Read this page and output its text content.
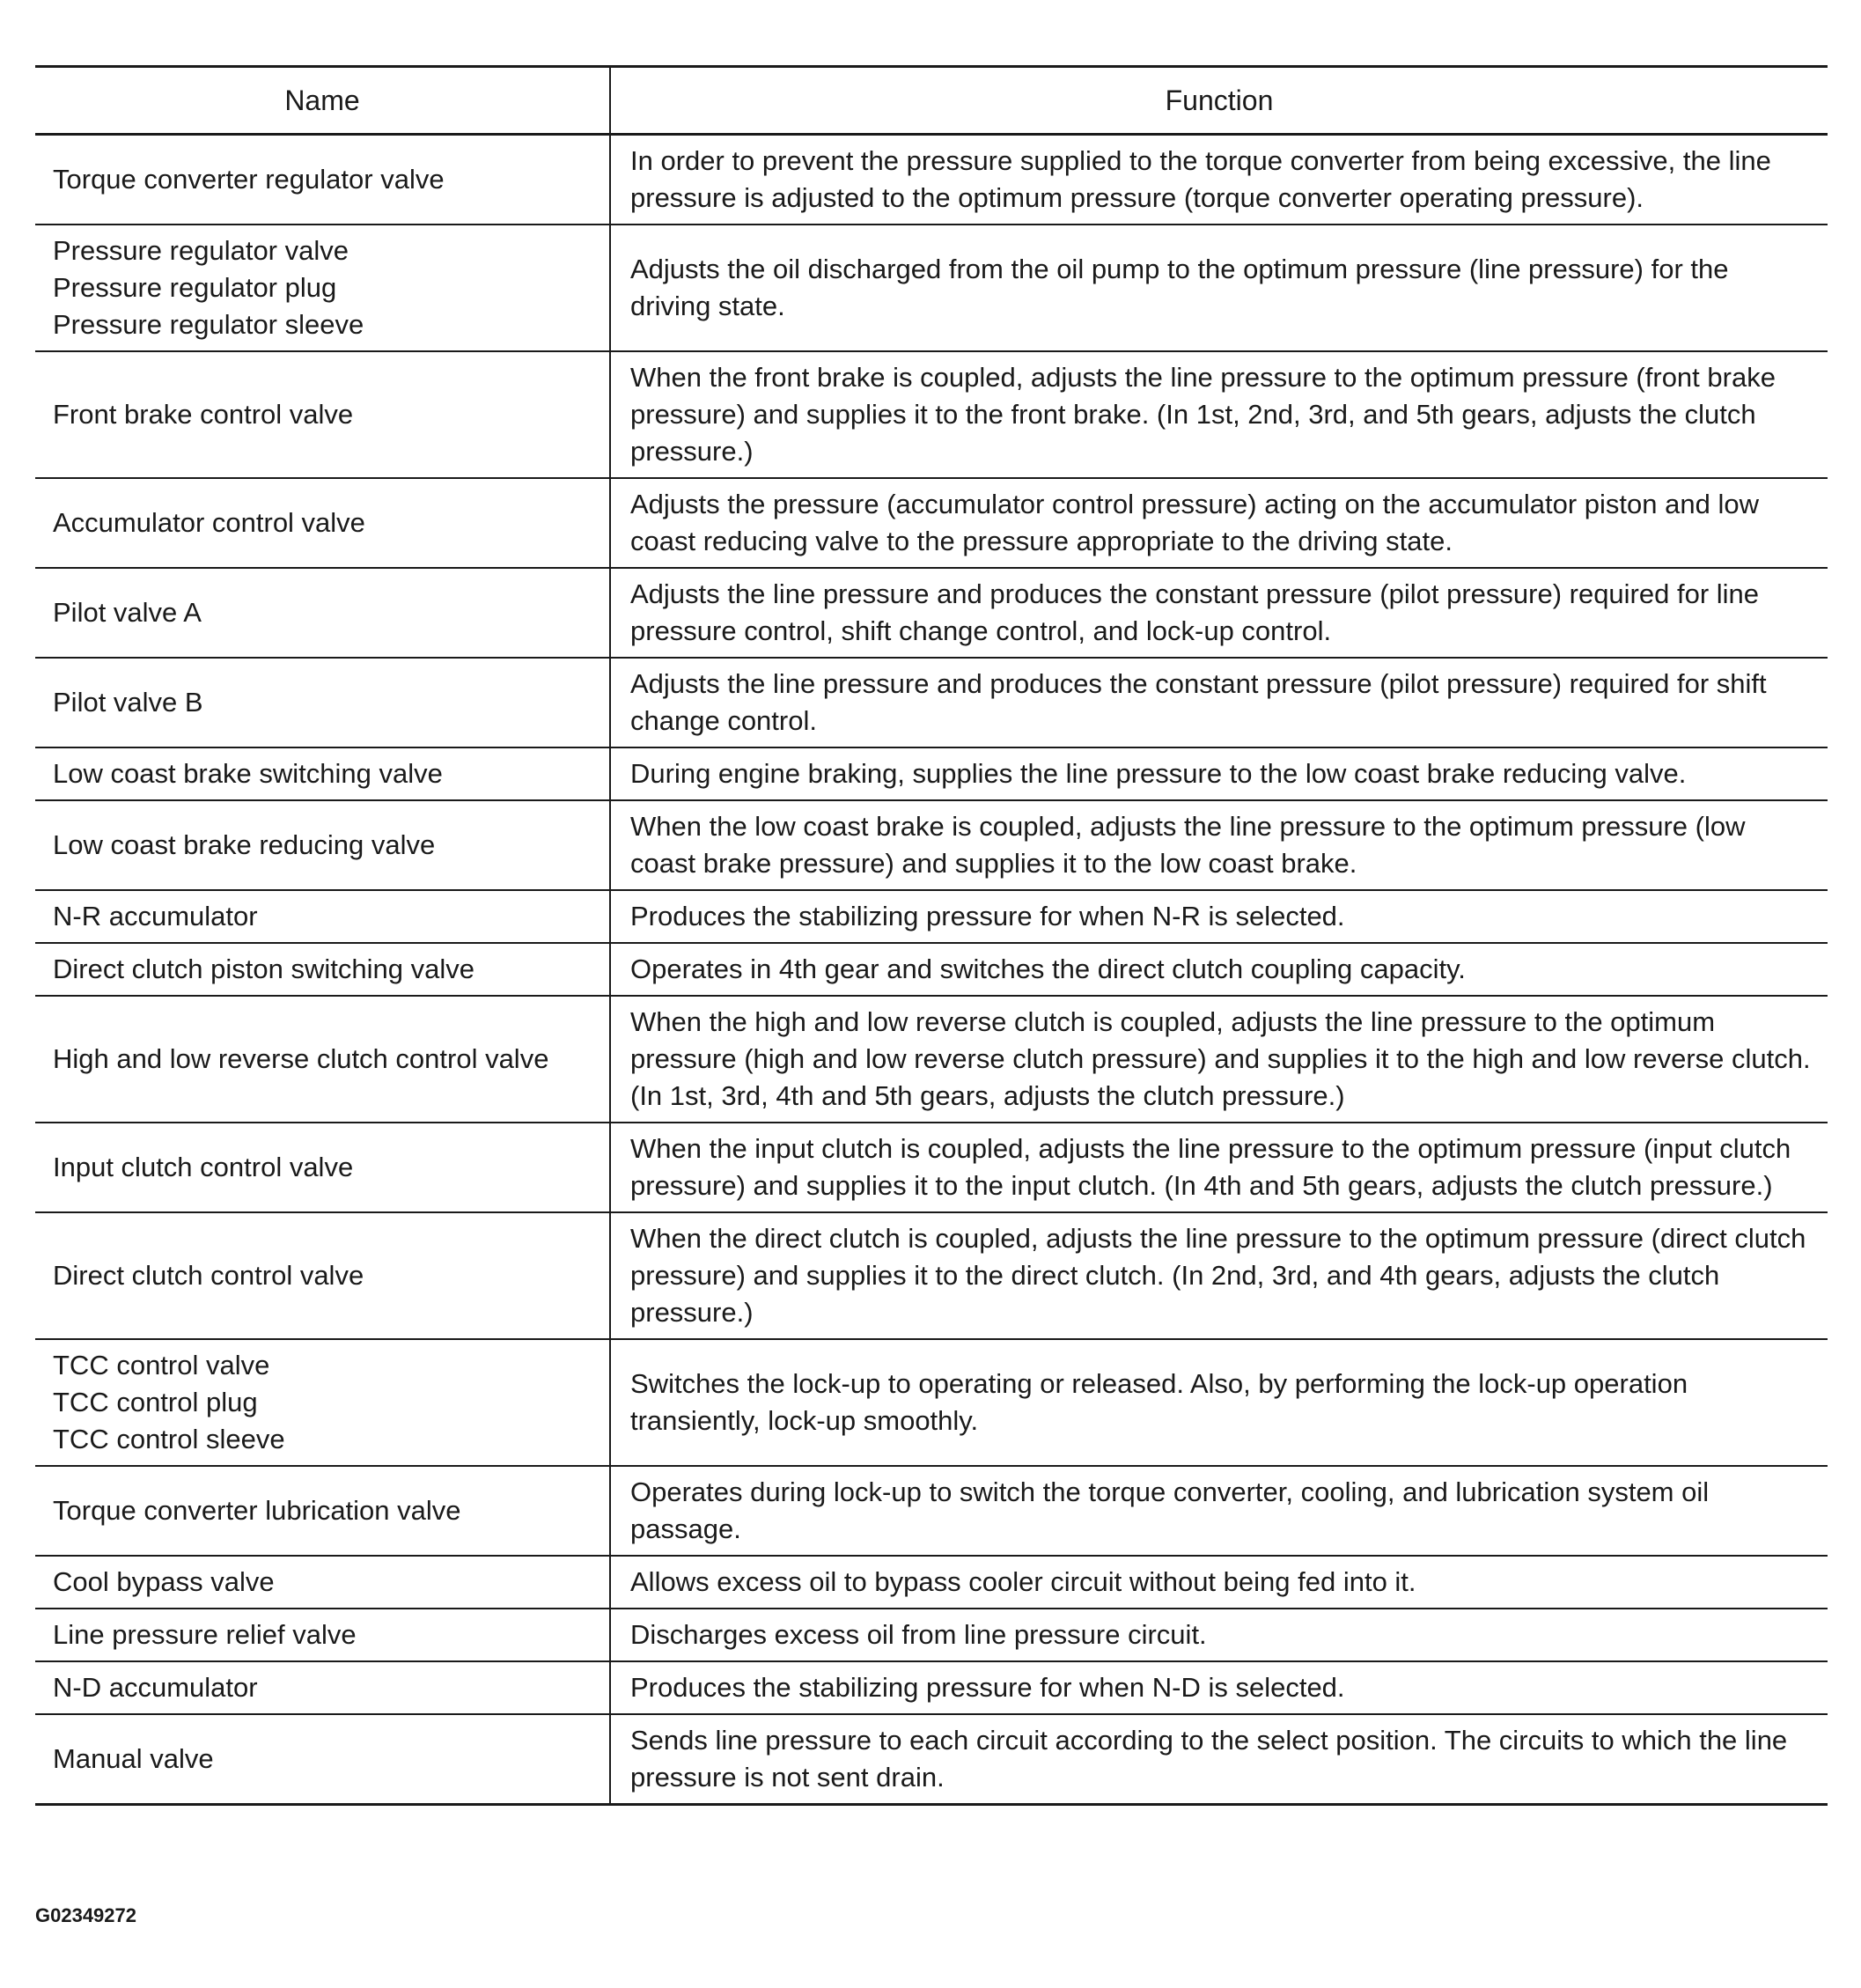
Name	Function
Torque converter regulator valve	In order to prevent the pressure supplied to the torque converter from being excessive, the line pressure is adjusted to the optimum pressure (torque converter operating pressure).
Pressure regulator valve
Pressure regulator plug
Pressure regulator sleeve	Adjusts the oil discharged from the oil pump to the optimum pressure (line pressure) for the driving state.
Front brake control valve	When the front brake is coupled, adjusts the line pressure to the optimum pressure (front brake pressure) and supplies it to the front brake. (In 1st, 2nd, 3rd, and 5th gears, adjusts the clutch pressure.)
Accumulator control valve	Adjusts the pressure (accumulator control pressure) acting on the accumulator piston and low coast reducing valve to the pressure appropriate to the driving state.
Pilot valve A	Adjusts the line pressure and produces the constant pressure (pilot pressure) required for line pressure control, shift change control, and lock-up control.
Pilot valve B	Adjusts the line pressure and produces the constant pressure (pilot pressure) required for shift change control.
Low coast brake switching valve	During engine braking, supplies the line pressure to the low coast brake reducing valve.
Low coast brake reducing valve	When the low coast brake is coupled, adjusts the line pressure to the optimum pressure (low coast brake pressure) and supplies it to the low coast brake.
N-R accumulator	Produces the stabilizing pressure for when N-R is selected.
Direct clutch piston switching valve	Operates in 4th gear and switches the direct clutch coupling capacity.
High and low reverse clutch control valve	When the high and low reverse clutch is coupled, adjusts the line pressure to the optimum pressure (high and low reverse clutch pressure) and supplies it to the high and low reverse clutch. (In 1st, 3rd, 4th and 5th gears, adjusts the clutch pressure.)
Input clutch control valve	When the input clutch is coupled, adjusts the line pressure to the optimum pressure (input clutch pressure) and supplies it to the input clutch. (In 4th and 5th gears, adjusts the clutch pressure.)
Direct clutch control valve	When the direct clutch is coupled, adjusts the line pressure to the optimum pressure (direct clutch pressure) and supplies it to the direct clutch. (In 2nd, 3rd, and 4th gears, adjusts the clutch pressure.)
TCC control valve
TCC control plug
TCC control sleeve	Switches the lock-up to operating or released. Also, by performing the lock-up operation transiently, lock-up smoothly.
Torque converter lubrication valve	Operates during lock-up to switch the torque converter, cooling, and lubrication system oil passage.
Cool bypass valve	Allows excess oil to bypass cooler circuit without being fed into it.
Line pressure relief valve	Discharges excess oil from line pressure circuit.
N-D accumulator	Produces the stabilizing pressure for when N-D is selected.
Manual valve	Sends line pressure to each circuit according to the select position. The circuits to which the line pressure is not sent drain.
G02349272
